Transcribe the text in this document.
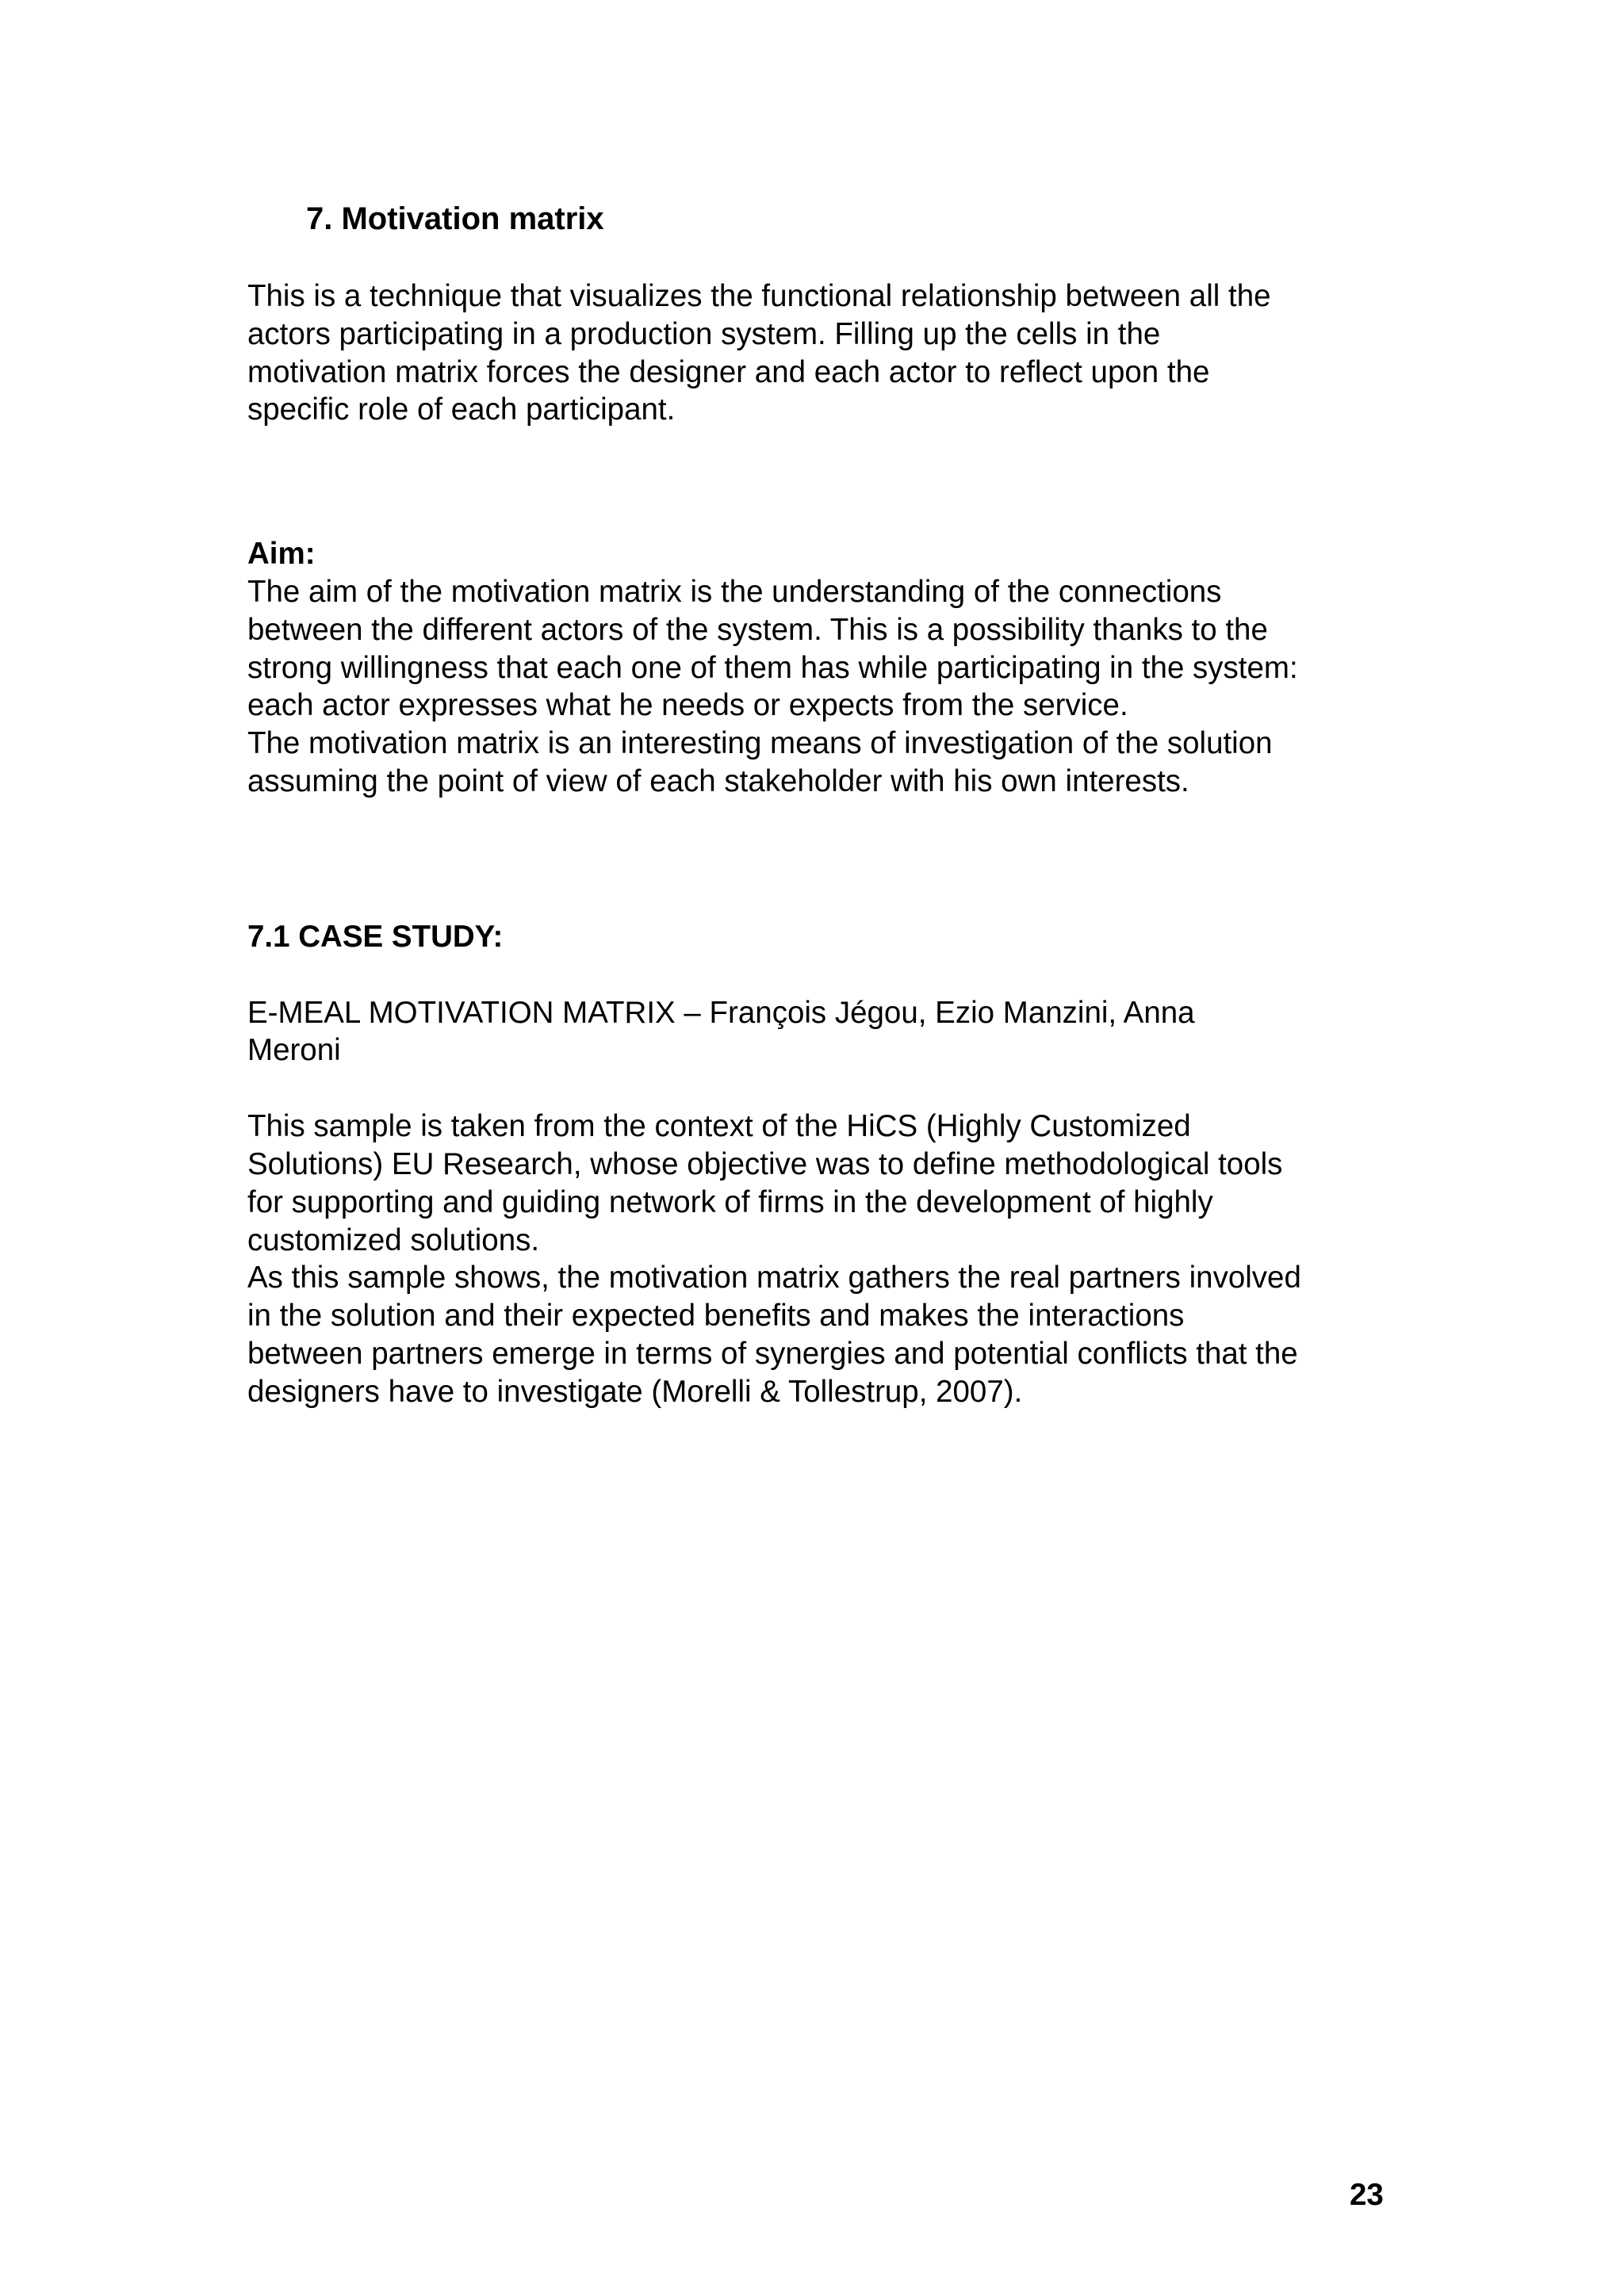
7. Motivation matrix
This is a technique that visualizes the functional relationship between all the
actors participating in a production system. Filling up the cells in the
motivation matrix forces the designer and each actor to reflect upon the
specific role of each participant.
Aim:
The aim of the motivation matrix is the understanding of the connections
between the different actors of the system. This is a possibility thanks to the
strong willingness that each one of them has while participating in the system:
each actor expresses what he needs or expects from the service.
The motivation matrix is an interesting means of investigation of the solution
assuming the point of view of each stakeholder with his own interests.
7.1 CASE STUDY:
E-MEAL MOTIVATION MATRIX – François Jégou, Ezio Manzini, Anna
Meroni
This sample is taken from the context of the HiCS (Highly Customized
Solutions) EU Research, whose objective was to define methodological tools
for supporting and guiding network of firms in the development of highly
customized solutions.
As this sample shows, the motivation matrix gathers the real partners involved
in the solution and their expected benefits and makes the interactions
between partners emerge in terms of synergies and potential conflicts that the
designers have to investigate (Morelli & Tollestrup, 2007).
23
